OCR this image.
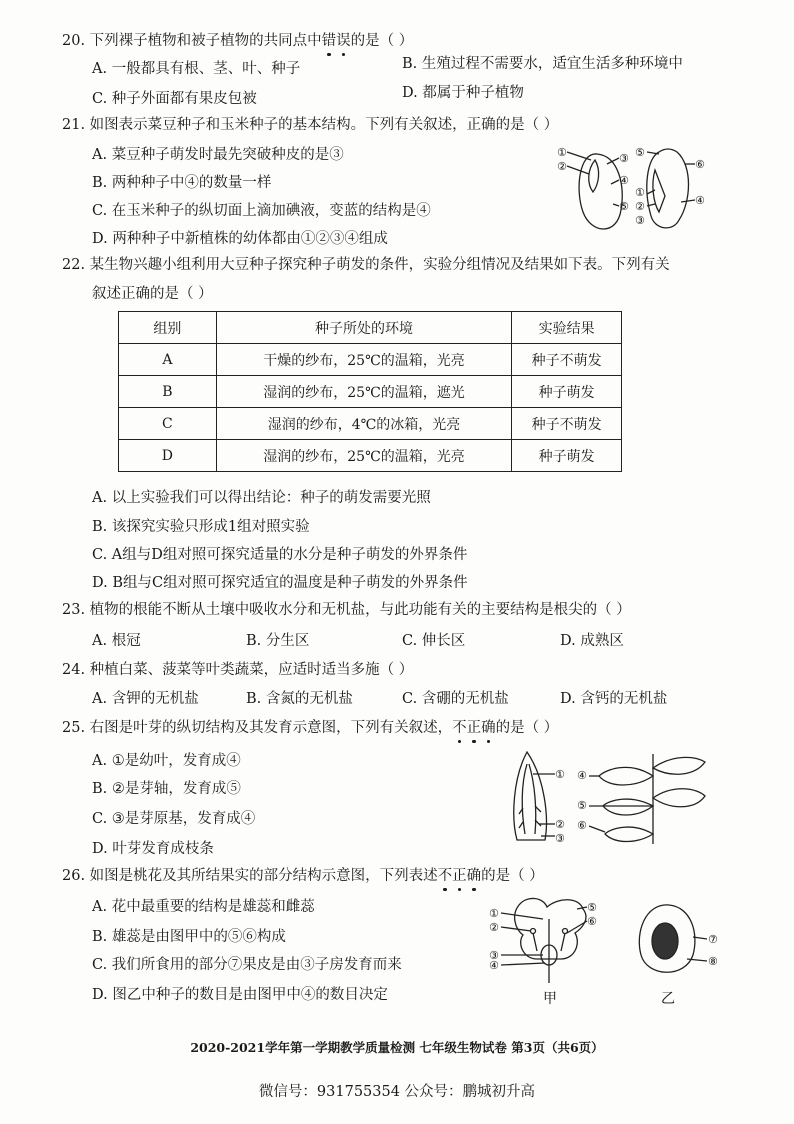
20. 下列裸子植物和被子植物的共同点中错
误
的是（ ）
A. 一般都具有根、茎、叶、种子	B. 生殖过程不需要水，适宜生活多种环境中
C. 种子外面都有果皮包被	D. 都属于种子植物
21. 如图表示菜豆种子和玉米种子的基本结构。下列有关叙述，正确的是（ ）
A. 菜豆种子萌发时最先突破种皮的是③
B. 两种种子中④的数量一样
C. 在玉米种子的纵切面上滴加碘液，变蓝的结构是④
D. 两种种子中新植株的幼体都由①②③④组成
①
②
③
④
⑤
⑤
⑥
①
②
③
④
22. 某生物兴趣小组利用大豆种子探究种子萌发的条件，实验分组情况及结果如下表。下列有关
叙述正确的是（ ）
组别	种子所处的环境	实验结果
A	干燥的纱布，25℃的温箱，光亮	种子不萌发
B	湿润的纱布，25℃的温箱，遮光	种子萌发
C	湿润的纱布，4℃的冰箱，光亮	种子不萌发
D	湿润的纱布，25℃的温箱，光亮	种子萌发
A. 以上实验我们可以得出结论：种子的萌发需要光照
B. 该探究实验只形成1组对照实验
C. A组与D组对照可探究适量的水分是种子萌发的外界条件
D. B组与C组对照可探究适宜的温度是种子萌发的外界条件
23. 植物的根能不断从土壤中吸收水分和无机盐，与此功能有关的主要结构是根尖的（ ）
A. 根冠	B. 分生区	C. 伸长区	D. 成熟区
24. 种植白菜、菠菜等叶类蔬菜，应适时适当多施（ ）
A. 含钾的无机盐	B. 含氮的无机盐	C. 含硼的无机盐	D. 含钙的无机盐
25. 右图是叶芽的纵切结构及其发育示意图，下列有关叙述，不
正
确
的是（ ）
A. ①是幼叶，发育成④
B. ②是芽轴，发育成⑤
C. ③是芽原基，发育成④
D. 叶芽发育成枝条
①
②
③
④
⑤
⑥
26. 如图是桃花及其所结果实的部分结构示意图，下列表述不
正
确
的是（ ）
A. 花中最重要的结构是雄蕊和雌蕊
B. 雄蕊是由图甲中的⑤⑥构成
C. 我们所食用的部分⑦果皮是由③子房发育而来
D. 图乙中种子的数目是由图甲中④的数目决定
①
②
③
④
⑤
⑥
⑦
⑧
甲	乙
2020-2021学年第一学期教学质量检测 七年级生物试卷 第3页（共6页）
微信号：931755354 公众号：鹏城初升高
